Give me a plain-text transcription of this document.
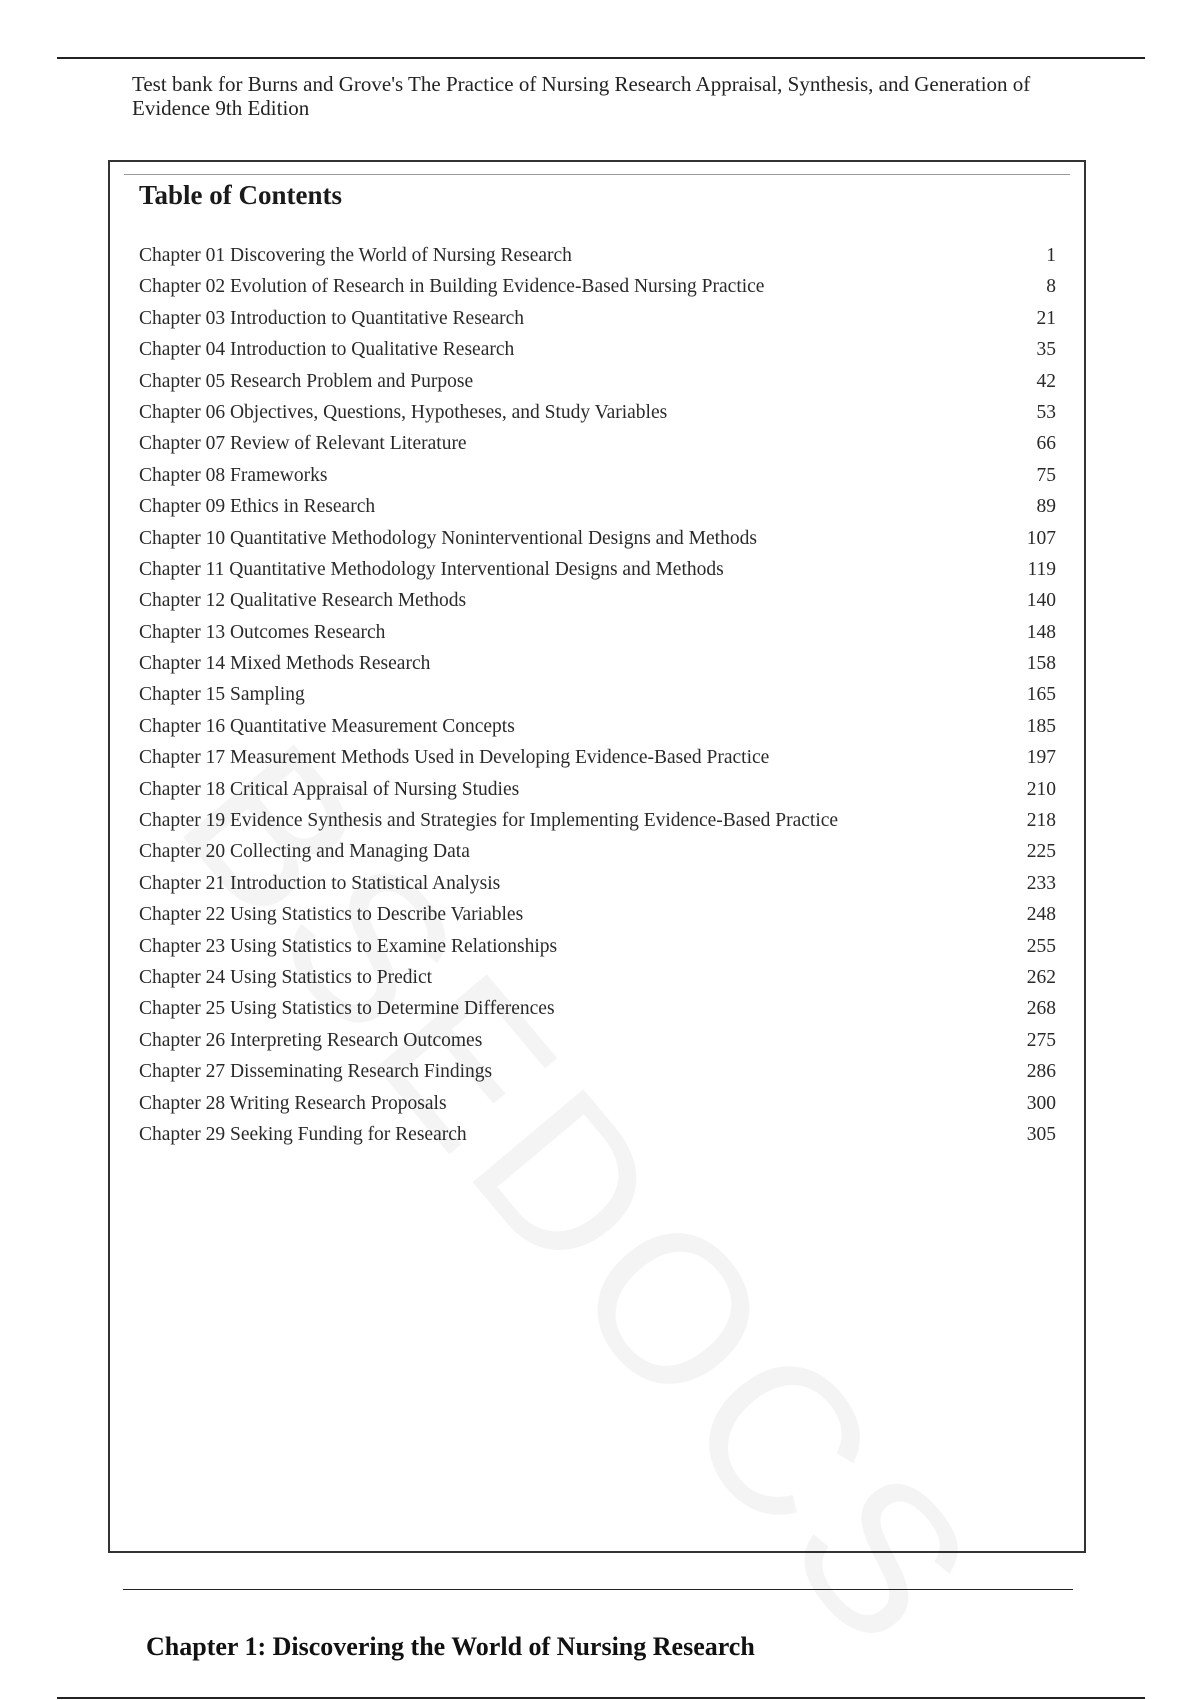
Test bank for Burns and Grove's The Practice of Nursing Research Appraisal, Synthesis, and Generation of Evidence 9th Edition
Table of Contents
Chapter 01 Discovering the World of Nursing Research	1
Chapter 02 Evolution of Research in Building Evidence-Based Nursing Practice	8
Chapter 03 Introduction to Quantitative Research	21
Chapter 04 Introduction to Qualitative Research	35
Chapter 05 Research Problem and Purpose	42
Chapter 06 Objectives, Questions, Hypotheses, and Study Variables	53
Chapter 07 Review of Relevant Literature	66
Chapter 08 Frameworks	75
Chapter 09 Ethics in Research	89
Chapter 10 Quantitative Methodology Noninterventional Designs and Methods	107
Chapter 11 Quantitative Methodology Interventional Designs and Methods	119
Chapter 12 Qualitative Research Methods	140
Chapter 13 Outcomes Research	148
Chapter 14 Mixed Methods Research	158
Chapter 15 Sampling	165
Chapter 16 Quantitative Measurement Concepts	185
Chapter 17 Measurement Methods Used in Developing Evidence-Based Practice	197
Chapter 18 Critical Appraisal of Nursing Studies	210
Chapter 19 Evidence Synthesis and Strategies for Implementing Evidence-Based Practice	218
Chapter 20 Collecting and Managing Data	225
Chapter 21 Introduction to Statistical Analysis	233
Chapter 22 Using Statistics to Describe Variables	248
Chapter 23 Using Statistics to Examine Relationships	255
Chapter 24 Using Statistics to Predict	262
Chapter 25 Using Statistics to Determine Differences	268
Chapter 26 Interpreting Research Outcomes	275
Chapter 27 Disseminating Research Findings	286
Chapter 28 Writing Research Proposals	300
Chapter 29 Seeking Funding for Research	305
Chapter 1: Discovering the World of Nursing Research
